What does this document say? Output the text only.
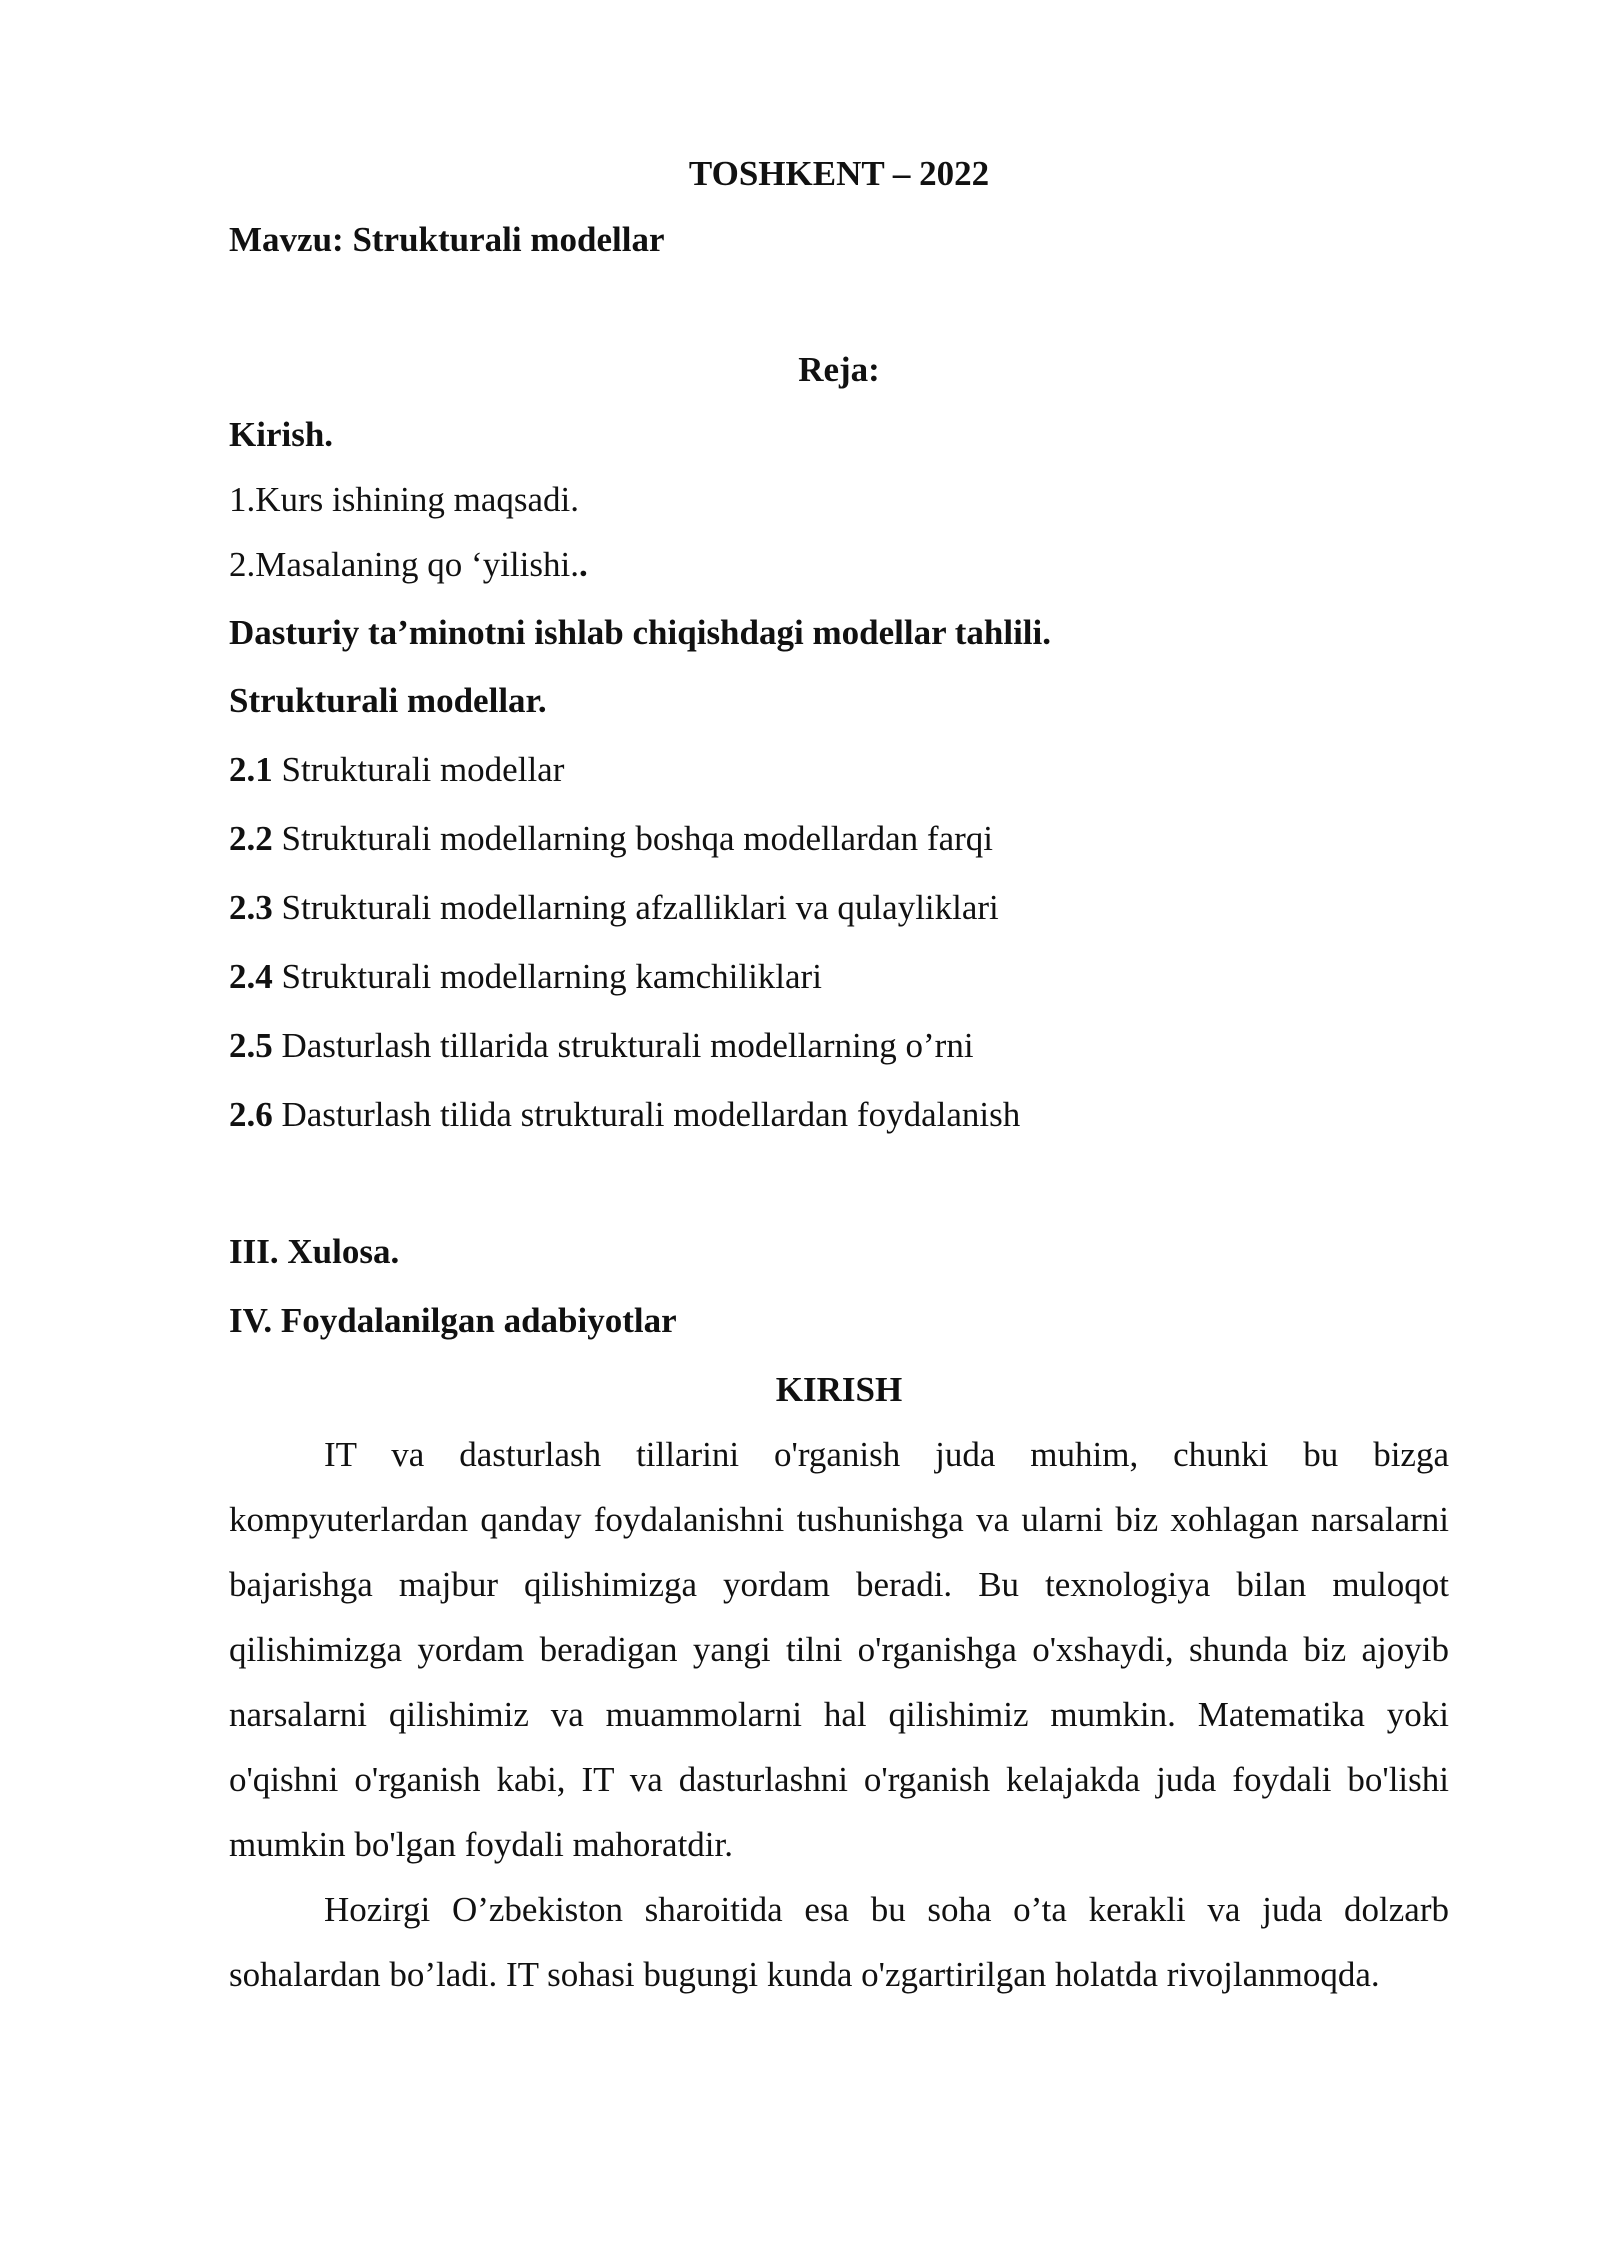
TOSHKENT – 2022

Mavzu: Strukturali modellar

Reja:

Kirish.

1.Kurs ishining maqsadi.

2.Masalaning qo ‘yilishi..

Dasturiy ta’minotni ishlab chiqishdagi modellar tahlili.

Strukturali modellar.

2.1 Strukturali modellar

2.2 Strukturali modellarning boshqa modellardan farqi

2.3 Strukturali modellarning afzalliklari va qulayliklari

2.4 Strukturali modellarning kamchiliklari

2.5 Dasturlash tillarida strukturali modellarning o’rni

2.6 Dasturlash tilida strukturali modellardan foydalanish

III. Xulosa.

IV. Foydalanilgan adabiyotlar

KIRISH

IT va dasturlash tillarini o'rganish juda muhim, chunki bu bizga kompyuterlardan qanday foydalanishni tushunishga va ularni biz xohlagan narsalarni bajarishga majbur qilishimizga yordam beradi. Bu texnologiya bilan muloqot qilishimizga yordam beradigan yangi tilni o'rganishga o'xshaydi, shunda biz ajoyib narsalarni qilishimiz va muammolarni hal qilishimiz mumkin. Matematika yoki o'qishni o'rganish kabi, IT va dasturlashni o'rganish kelajakda juda foydali bo'lishi mumkin bo'lgan foydali mahoratdir.

Hozirgi O’zbekiston sharoitida esa bu soha o’ta kerakli va juda dolzarb sohalardan bo’ladi. IT sohasi bugungi kunda o'zgartirilgan holatda rivojlanmoqda.
